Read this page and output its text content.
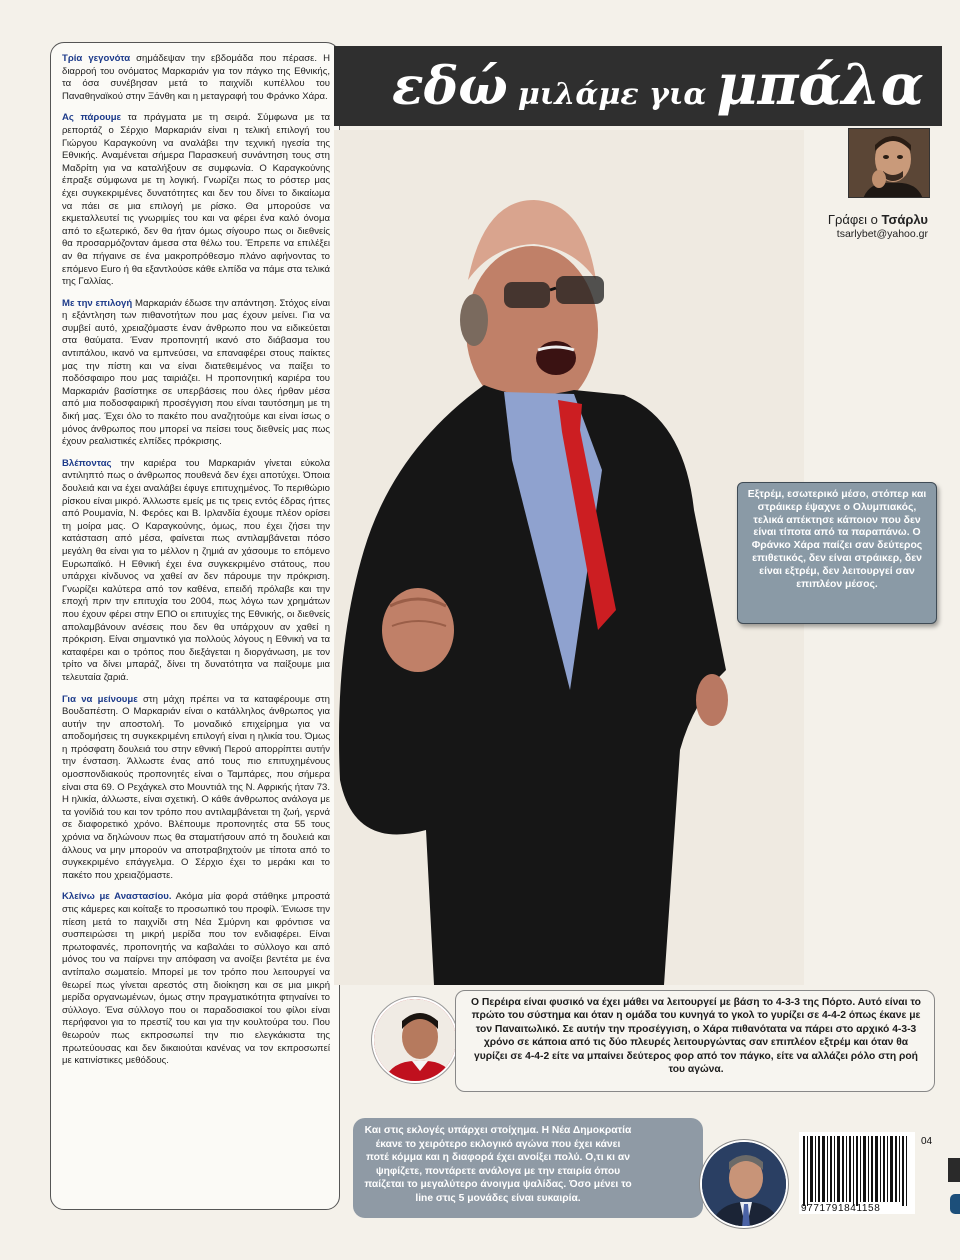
Τρία γεγονότα σημάδεψαν την εβδομάδα που πέρασε. Η διαρροή του ονόματος Μαρκαριάν για τον πάγκο της Εθνικής, τα όσα συνέβησαν μετά το παιχνίδι κυπέλλου του Παναθηναϊκού στην Ξάνθη και η μεταγραφή του Φράνκο Χάρα.

Ας πάρουμε τα πράγματα με τη σειρά. Σύμφωνα με τα ρεπορτάζ ο Σέρχιο Μαρκαριάν είναι η τελική επιλογή του Γιώργου Καραγκούνη να αναλάβει την τεχνική ηγεσία της Εθνικής. Αναμένεται σήμερα Παρασκευή συνάντηση τους στη Μαδρίτη για να καταλήξουν σε συμφωνία. Ο Καραγκούνης έπραξε σύμφωνα με τη λογική. Γνωρίζει πως το ρόστερ μας έχει συγκεκριμένες δυνατότητες και δεν του δίνει το δικαίωμα να πάει σε μια επιλογή με ρίσκο. Θα μπορούσε να εκμεταλλευτεί τις γνωριμίες του και να φέρει ένα καλό όνομα από το εξωτερικό, δεν θα ήταν όμως σίγουρο πως οι διεθνείς θα προσαρμόζονταν άμεσα στα θέλω του. Έπρεπε να επιλέξει αν θα πήγαινε σε ένα μακροπρόθεσμο πλάνο αφήνοντας το επόμενο Euro ή θα εξαντλούσε κάθε ελπίδα να πάμε στα τελικά της Γαλλίας.

Με την επιλογή Μαρκαριάν έδωσε την απάντηση. Στόχος είναι η εξάντληση των πιθανοτήτων που μας έχουν μείνει. Για να συμβεί αυτό, χρειαζόμαστε έναν άνθρωπο που να ειδικεύεται στα θαύματα. Έναν προπονητή ικανό στο διάβασμα του αντιπάλου, ικανό να εμπνεύσει, να επαναφέρει στους παίκτες μας την πίστη και να είναι διατεθειμένος να παίξει το ποδόσφαιρο που μας ταιριάζει. Η προπονητική καριέρα του Μαρκαριάν βασίστηκε σε υπερβάσεις που όλες ήρθαν μέσα από μια ποδοσφαιρική προσέγγιση που είναι ταυτόσημη με τη δική μας. Έχει όλο το πακέτο που αναζητούμε και είναι ίσως ο μόνος άνθρωπος που μπορεί να πείσει τους διεθνείς μας πως έχουν ρεαλιστικές ελπίδες πρόκρισης.

Βλέποντας την καριέρα του Μαρκαριάν γίνεται εύκολα αντιληπτό πως ο άνθρωπος πουθενά δεν έχει αποτύχει. Όποια δουλειά και να έχει αναλάβει έφυγε επιτυχημένος. Το περιθώριο ρίσκου είναι μικρό. Άλλωστε εμείς με τις τρεις εντός έδρας ήττες από Ρουμανία, Ν. Φερόες και Β. Ιρλανδία έχουμε πλέον ορίσει τη μοίρα μας. Ο Καραγκούνης, όμως, που έχει ζήσει την κατάσταση από μέσα, φαίνεται πως αντιλαμβάνεται πόσο μεγάλη θα είναι για το μέλλον η ζημιά αν χάσουμε το επόμενο Ευρωπαϊκό. Η Εθνική έχει ένα συγκεκριμένο στάτους, που υπάρχει κίνδυνος να χαθεί αν δεν πάρουμε την πρόκριση. Γνωρίζει καλύτερα από τον καθένα, επειδή πρόλαβε και την εποχή πριν την επιτυχία του 2004, πως λόγω των χρημάτων που έχουν φέρει στην ΕΠΟ οι επιτυχίες της Εθνικής, οι διεθνείς απολαμβάνουν ανέσεις που δεν θα υπάρχουν αν χαθεί η πρόκριση. Είναι σημαντικό για πολλούς λόγους η Εθνική να τα καταφέρει και ο τρόπος που διεξάγεται η διοργάνωση, με τον τρίτο να δίνει μπαράζ, δίνει τη δυνατότητα να παίξουμε μια τελευταία ζαριά.

Για να μείνουμε στη μάχη πρέπει να τα καταφέρουμε στη Βουδαπέστη. Ο Μαρκαριάν είναι ο κατάλληλος άνθρωπος για αυτήν την αποστολή. Το μοναδικό επιχείρημα για να αποδομήσεις τη συγκεκριμένη επιλογή είναι η ηλικία του. Όμως η πρόσφατη δουλειά του στην εθνική Περού απορρίπτει αυτήν την ένσταση. Άλλωστε ένας από τους πιο επιτυχημένους ομοσπονδιακούς προπονητές είναι ο Ταμπάρες, που σήμερα είναι στα 69. Ο Ρεχάγκελ στο Μουντιάλ της Ν. Αφρικής ήταν 73. Η ηλικία, άλλωστε, είναι σχετική. Ο κάθε άνθρωπος ανάλογα με τα γονίδιά του και τον τρόπο που αντιλαμβάνεται τη ζωή, γερνά σε διαφορετικό χρόνο. Βλέπουμε προπονητές στα 55 τους χρόνια να δηλώνουν πως θα σταματήσουν από τη δουλειά και άλλους να μην μπορούν να αποτραβηχτούν με τίποτα από το συγκεκριμένο επάγγελμα. Ο Σέρχιο έχει το μεράκι και το πακέτο που χρειαζόμαστε.

Κλείνω με Αναστασίου. Ακόμα μία φορά στάθηκε μπροστά στις κάμερες και κοίταξε το προσωπικό του προφίλ. Ένιωσε την πίεση μετά το παιχνίδι στη Νέα Σμύρνη και φρόντισε να συσπειρώσει τη μικρή μερίδα που τον ενδιαφέρει. Είναι πρωτοφανές, προπονητής να καβαλάει το σύλλογο και από μόνος του να παίρνει την απόφαση να ανοίξει βεντέτα με ένα αντίπαλο σωματείο. Μπορεί με τον τρόπο που λειτουργεί να θεωρεί πως γίνεται αρεστός στη διοίκηση και σε μια μικρή μερίδα οργανωμένων, όμως στην πραγματικότητα φτηναίνει το σύλλογο. Ένα σύλλογο που οι παραδοσιακοί του φίλοι είναι περήφανοι για το πρεστίζ του και για την κουλτούρα του. Που θεωρούν πως εκπροσωπεί την πιο ελεγκάκιστα της πρωτεύουσας και δεν δικαιούται κανένας να τον εκπροσωπεί με κατινίστικες μεθόδους.

εδώ μιλάμε για μπάλα
Γράφει ο Τσάρλυ
tsarlybet@yahoo.gr
Εξτρέμ, εσωτερικό μέσο, στόπερ και στράικερ έψαχνε ο Ολυμπιακός, τελικά απέκτησε κάποιον που δεν είναι τίποτα από τα παραπάνω. Ο Φράνκο Χάρα παίζει σαν δεύτερος επιθετικός, δεν είναι στράικερ, δεν είναι εξτρέμ, δεν λειτουργεί σαν επιπλέον μέσος.
Ο Περέιρα είναι φυσικό να έχει μάθει να λειτουργεί με βάση το 4-3-3 της Πόρτο. Αυτό είναι το πρώτο του σύστημα και όταν η ομάδα του κυνηγά το γκολ το γυρίζει σε 4-4-2 όπως έκανε με τον Παναιτωλικό. Σε αυτήν την προσέγγιση, ο Χάρα πιθανότατα να πάρει στο αρχικό 4-3-3 χρόνο σε κάποια από τις δύο πλευρές λειτουργώντας σαν επιπλέον εξτρέμ και όταν θα γυρίζει σε 4-4-2 είτε να μπαίνει δεύτερος φορ από τον πάγκο, είτε να αλλάζει ρόλο στη ροή του αγώνα.
Και στις εκλογές υπάρχει στοίχημα. Η Νέα Δημοκρατία έκανε το χειρότερο εκλογικό αγώνα που έχει κάνει ποτέ κόμμα και η διαφορά έχει ανοίξει πολύ. Ο,τι κι αν ψηφίζετε, ποντάρετε ανάλογα με την εταιρία όπου παίζεται το μεγαλύτερο άνοιγμα ψαλίδας. Όσο μένει το line στις 5 μονάδες είναι ευκαιρία.
9771791841158
04
